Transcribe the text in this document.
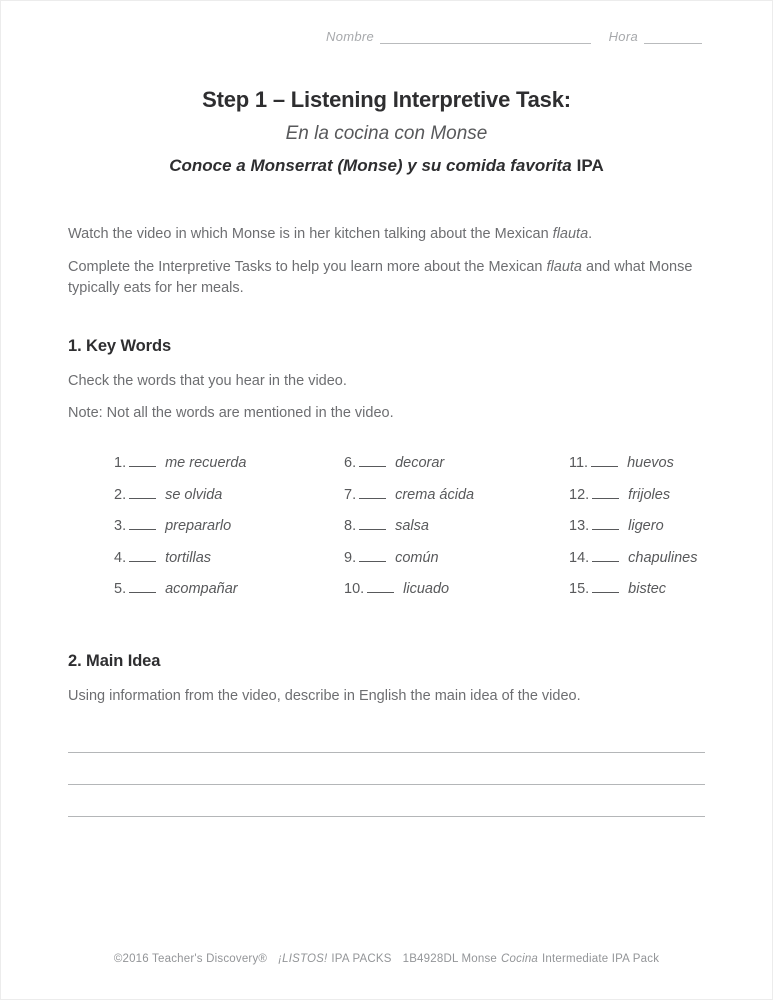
Nombre	Hora
Step 1 – Listening Interpretive Task:
En la cocina con Monse
Conoce a Monserrat (Monse) y su comida favorita IPA

Watch the video in which Monse is in her kitchen talking about the Mexican flauta.

Complete the Interpretive Tasks to help you learn more about the Mexican flauta and what Monse typically eats for her meals.

1. Key Words

Check the words that you hear in the video.

Note: Not all the words are mentioned in the video.

1.	me recuerda
2.	se olvida
3.	prepararlo
4.	tortillas
5.	acompañar
6.	decorar
7.	crema ácida
8.	salsa
9.	común
10.	licuado
11.	huevos
12.	frijoles
13.	ligero
14.	chapulines
15.	bistec
2. Main Idea

Using information from the video, describe in English the main idea of the video.

©2016 Teacher's Discovery® ¡LISTOS! IPA PACKS 1B4928DL Monse Cocina Intermediate IPA Pack
